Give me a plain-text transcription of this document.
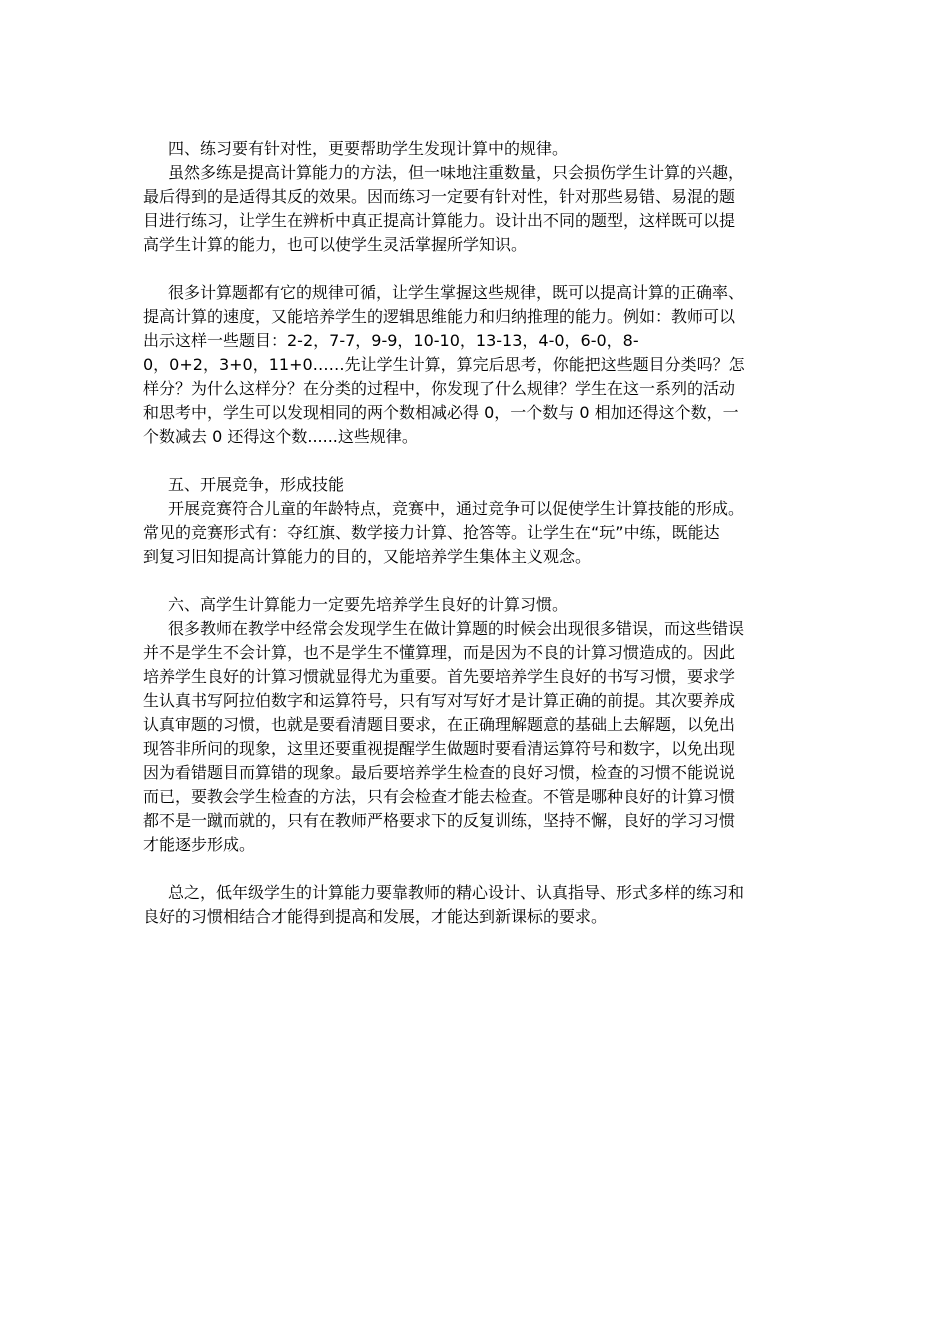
四、练习要有针对性，更要帮助学生发现计算中的规律。
虽然多练是提高计算能力的方法，但一味地注重数量，只会损伤学生计算的兴趣，
最后得到的是适得其反的效果。因而练习一定要有针对性，针对那些易错、易混的题
目进行练习，让学生在辨析中真正提高计算能力。设计出不同的题型，这样既可以提
高学生计算的能力，也可以使学生灵活掌握所学知识。
很多计算题都有它的规律可循，让学生掌握这些规律，既可以提高计算的正确率、
提高计算的速度，又能培养学生的逻辑思维能力和归纳推理的能力。例如：教师可以
出示这样一些题目：2-2，7-7，9-9，10-10，13-13，4-0，6-0，8-
0，0+2，3+0，11+0……先让学生计算，算完后思考，你能把这些题目分类吗？怎
样分？为什么这样分？在分类的过程中，你发现了什么规律？学生在这一系列的活动
和思考中，学生可以发现相同的两个数相减必得 0，一个数与 0 相加还得这个数，一
个数减去 0 还得这个数......这些规律。
五、开展竞争，形成技能
开展竞赛符合儿童的年龄特点，竞赛中，通过竞争可以促使学生计算技能的形成。
常见的竞赛形式有：夺红旗、数学接力计算、抢答等。让学生在“玩”中练，既能达
到复习旧知提高计算能力的目的，又能培养学生集体主义观念。
六、高学生计算能力一定要先培养学生良好的计算习惯。
很多教师在教学中经常会发现学生在做计算题的时候会出现很多错误，而这些错误
并不是学生不会计算，也不是学生不懂算理，而是因为不良的计算习惯造成的。因此
培养学生良好的计算习惯就显得尤为重要。首先要培养学生良好的书写习惯，要求学
生认真书写阿拉伯数字和运算符号，只有写对写好才是计算正确的前提。其次要养成
认真审题的习惯，也就是要看清题目要求，在正确理解题意的基础上去解题，以免出
现答非所问的现象，这里还要重视提醒学生做题时要看清运算符号和数字，以免出现
因为看错题目而算错的现象。最后要培养学生检查的良好习惯，检查的习惯不能说说
而已，要教会学生检查的方法，只有会检查才能去检查。不管是哪种良好的计算习惯
都不是一蹴而就的，只有在教师严格要求下的反复训练，坚持不懈，良好的学习习惯
才能逐步形成。
总之，低年级学生的计算能力要靠教师的精心设计、认真指导、形式多样的练习和
良好的习惯相结合才能得到提高和发展，才能达到新课标的要求。
